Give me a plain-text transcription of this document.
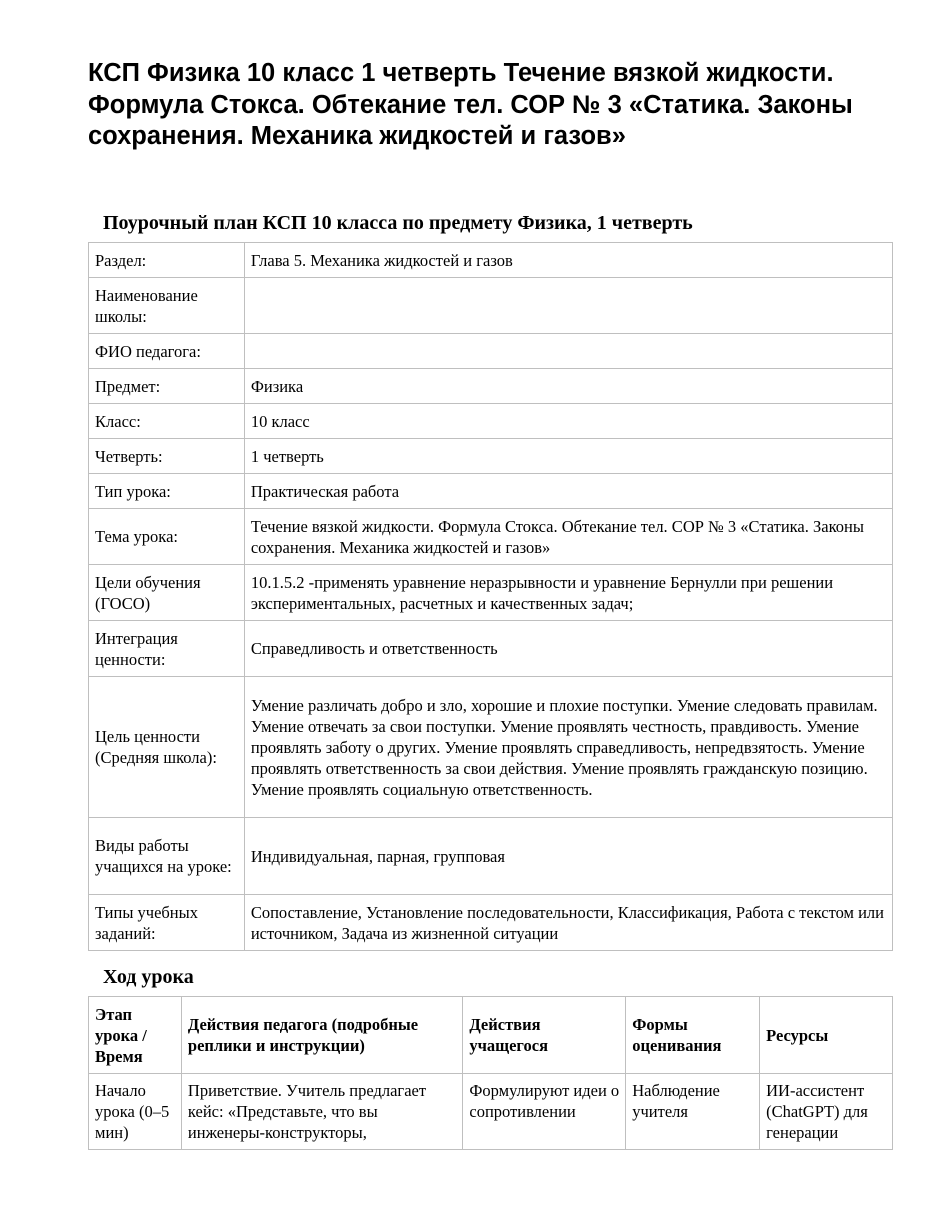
КСП Физика 10 класс 1 четверть Течение вязкой жидкости. Формула Стокса. Обтекание тел. СОР № 3 «Статика. Законы сохранения. Механика жидкостей и газов»
Поурочный план КСП 10 класса по предмету Физика, 1 четверть
Раздел:	Глава 5. Механика жидкостей и газов
Наименование школы:	
ФИО педагога:	
Предмет:	Физика
Класс:	10 класс
Четверть:	1 четверть
Тип урока:	Практическая работа
Тема урока:	Течение вязкой жидкости. Формула Стокса. Обтекание тел. СОР № 3 «Статика. Законы сохранения. Механика жидкостей и газов»
Цели обучения (ГОСО)	10.1.5.2 -применять уравнение неразрывности и уравнение Бернулли при решении экспериментальных, расчетных и качественных задач;
Интеграция ценности:	Справедливость и ответственность
Цель ценности (Средняя школа):	Умение различать добро и зло, хорошие и плохие поступки. Умение следовать правилам. Умение отвечать за свои поступки. Умение проявлять честность, правдивость. Умение проявлять заботу о других. Умение проявлять справедливость, непредвзятость. Умение проявлять ответственность за свои действия. Умение проявлять гражданскую позицию. Умение проявлять социальную ответственность.
Виды работы учащихся на уроке:	Индивидуальная, парная, групповая
Типы учебных заданий:	Сопоставление, Установление последовательности, Классификация, Работа с текстом или источником, Задача из жизненной ситуации
Ход урока
Этап урока / Время	Действия педагога (подробные реплики и инструкции)	Действия учащегося	Формы оценивания	Ресурсы
Начало урока (0–5 мин)	Приветствие. Учитель предлагает кейс: «Представьте, что вы инженеры-конструкторы,	Формулируют идеи о сопротивлении	Наблюдение учителя	ИИ-ассистент (ChatGPT) для генерации
